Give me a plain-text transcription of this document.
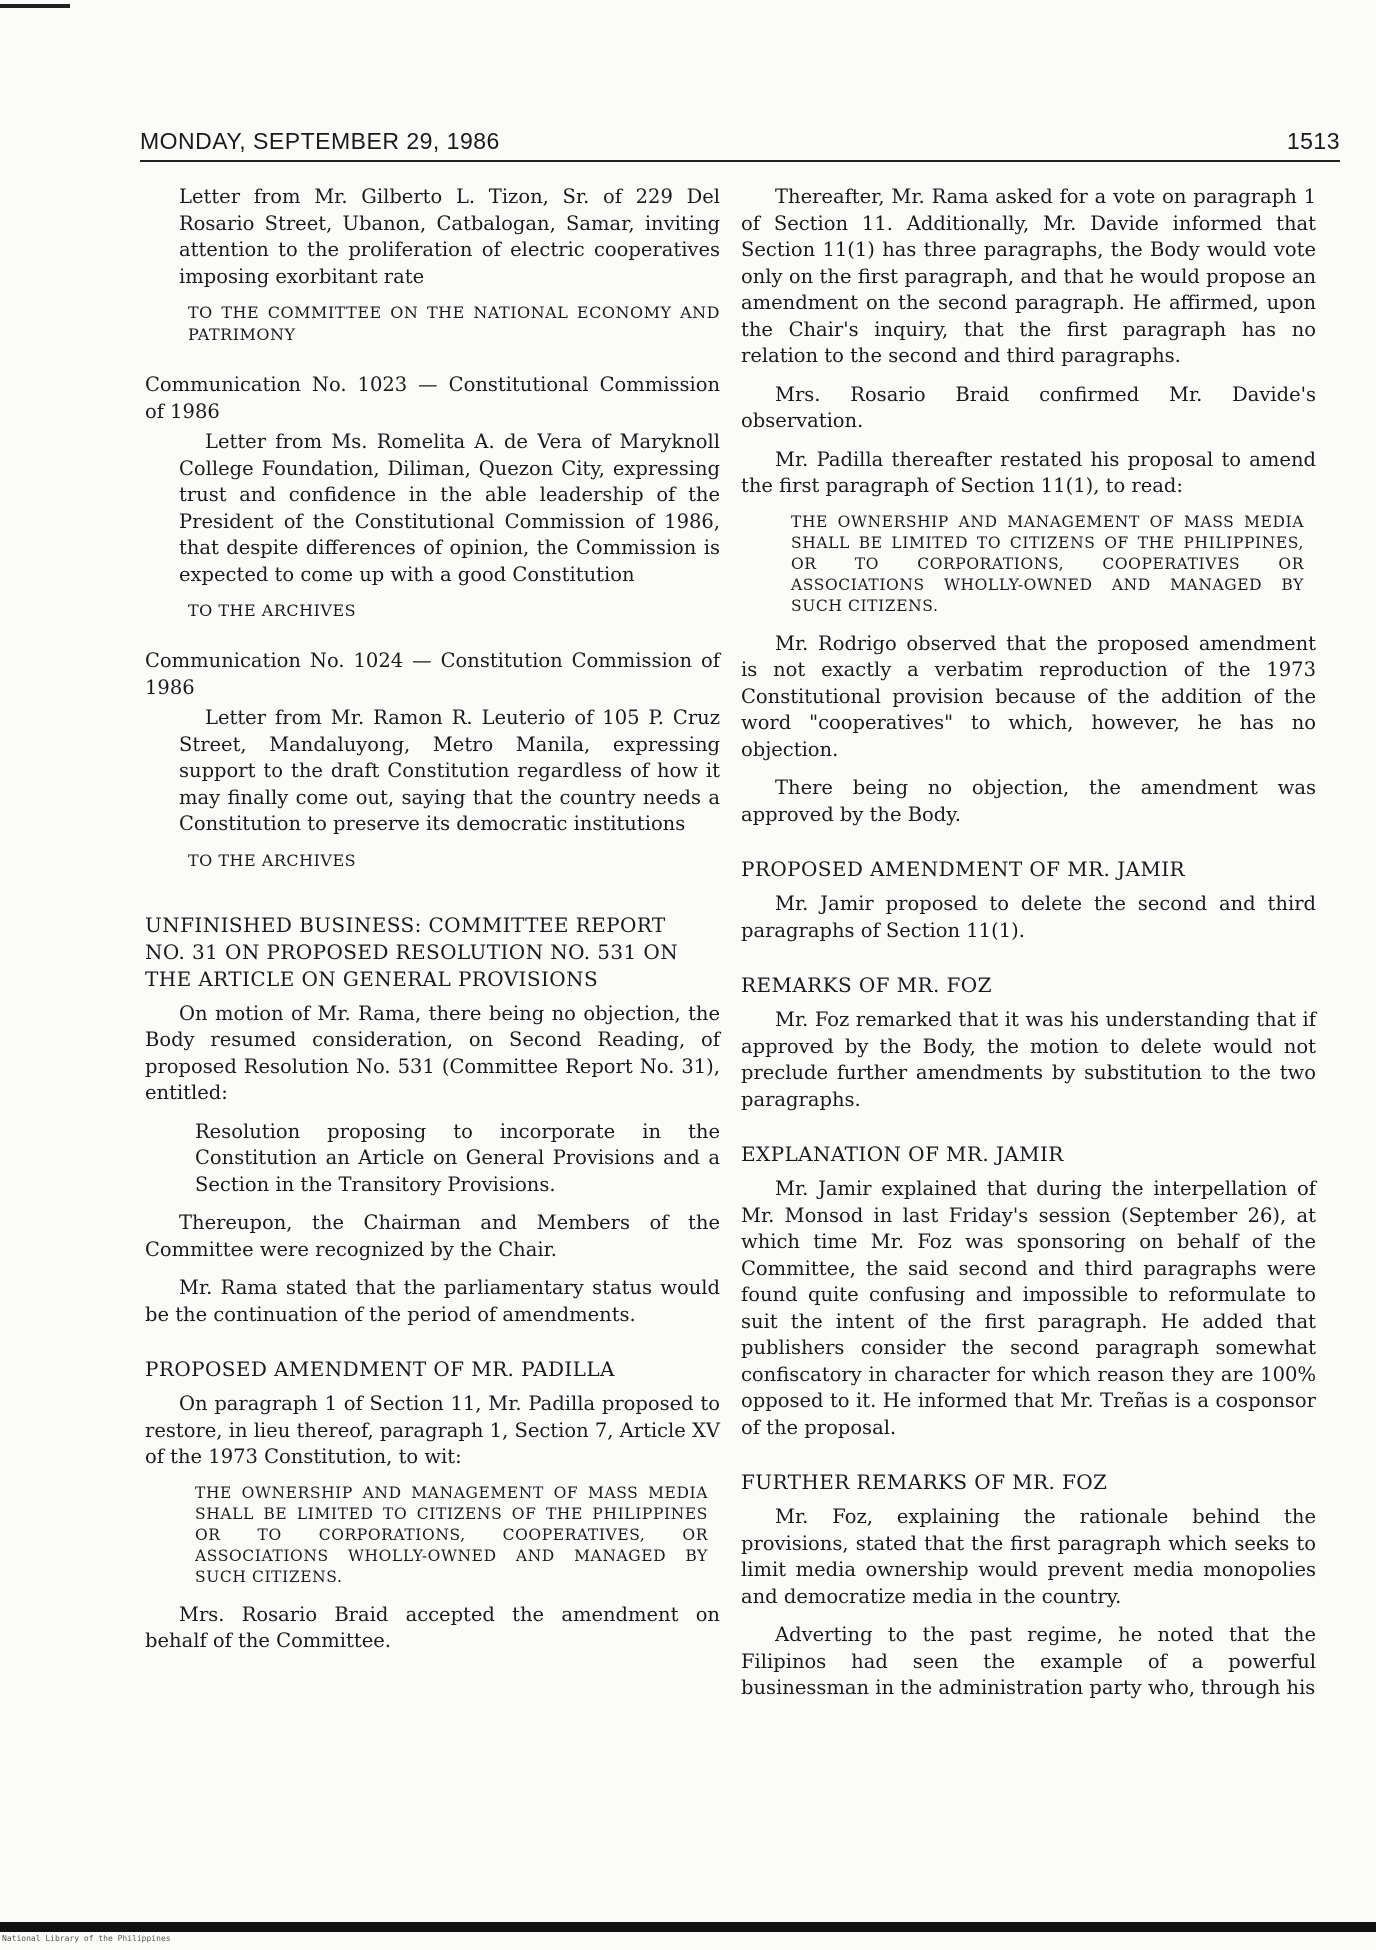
MONDAY, SEPTEMBER 29, 1986	1513

Letter from Mr. Gilberto L. Tizon, Sr. of 229 Del Rosario Street, Ubanon, Catbalogan, Samar, inviting attention to the proliferation of electric cooperatives imposing exorbitant rate

TO THE COMMITTEE ON THE NATIONAL ECONOMY AND PATRIMONY

Communication No. 1023 — Constitutional Commission of 1986

Letter from Ms. Romelita A. de Vera of Maryknoll College Foundation, Diliman, Quezon City, expressing trust and confidence in the able leadership of the President of the Constitutional Commission of 1986, that despite differences of opinion, the Commission is expected to come up with a good Constitution

TO THE ARCHIVES

Communication No. 1024 — Constitution Commission of 1986

Letter from Mr. Ramon R. Leuterio of 105 P. Cruz Street, Mandaluyong, Metro Manila, expressing support to the draft Constitution regardless of how it may finally come out, saying that the country needs a Constitution to preserve its democratic institutions

TO THE ARCHIVES

UNFINISHED BUSINESS: COMMITTEE REPORT NO. 31 ON PROPOSED RESOLUTION NO. 531 ON THE ARTICLE ON GENERAL PROVISIONS

On motion of Mr. Rama, there being no objection, the Body resumed consideration, on Second Reading, of proposed Resolution No. 531 (Committee Report No. 31), entitled:

Resolution proposing to incorporate in the Constitution an Article on General Provisions and a Section in the Transitory Provisions.

Thereupon, the Chairman and Members of the Committee were recognized by the Chair.

Mr. Rama stated that the parliamentary status would be the continuation of the period of amendments.

PROPOSED AMENDMENT OF MR. PADILLA

On paragraph 1 of Section 11, Mr. Padilla proposed to restore, in lieu thereof, paragraph 1, Section 7, Article XV of the 1973 Constitution, to wit:

THE OWNERSHIP AND MANAGEMENT OF MASS MEDIA SHALL BE LIMITED TO CITIZENS OF THE PHILIPPINES OR TO CORPORATIONS, COOPERATIVES, OR ASSOCIATIONS WHOLLY-OWNED AND MANAGED BY SUCH CITIZENS.

Mrs. Rosario Braid accepted the amendment on behalf of the Committee.

Thereafter, Mr. Rama asked for a vote on paragraph 1 of Section 11. Additionally, Mr. Davide informed that Section 11(1) has three paragraphs, the Body would vote only on the first paragraph, and that he would propose an amendment on the second paragraph. He affirmed, upon the Chair's inquiry, that the first paragraph has no relation to the second and third paragraphs.

Mrs. Rosario Braid confirmed Mr. Davide's observation.

Mr. Padilla thereafter restated his proposal to amend the first paragraph of Section 11(1), to read:

THE OWNERSHIP AND MANAGEMENT OF MASS MEDIA SHALL BE LIMITED TO CITIZENS OF THE PHILIPPINES, OR TO CORPORATIONS, COOPERATIVES OR ASSOCIATIONS WHOLLY-OWNED AND MANAGED BY SUCH CITIZENS.

Mr. Rodrigo observed that the proposed amendment is not exactly a verbatim reproduction of the 1973 Constitutional provision because of the addition of the word "cooperatives" to which, however, he has no objection.

There being no objection, the amendment was approved by the Body.

PROPOSED AMENDMENT OF MR. JAMIR

Mr. Jamir proposed to delete the second and third paragraphs of Section 11(1).

REMARKS OF MR. FOZ

Mr. Foz remarked that it was his understanding that if approved by the Body, the motion to delete would not preclude further amendments by substitution to the two paragraphs.

EXPLANATION OF MR. JAMIR

Mr. Jamir explained that during the interpellation of Mr. Monsod in last Friday's session (September 26), at which time Mr. Foz was sponsoring on behalf of the Committee, the said second and third paragraphs were found quite confusing and impossible to reformulate to suit the intent of the first paragraph. He added that publishers consider the second paragraph somewhat confiscatory in character for which reason they are 100% opposed to it. He informed that Mr. Treñas is a cosponsor of the proposal.

FURTHER REMARKS OF MR. FOZ

Mr. Foz, explaining the rationale behind the provisions, stated that the first paragraph which seeks to limit media ownership would prevent media monopolies and democratize media in the country.

Adverting to the past regime, he noted that the Filipinos had seen the example of a powerful businessman in the administration party who, through his

National Library of the Philippines
